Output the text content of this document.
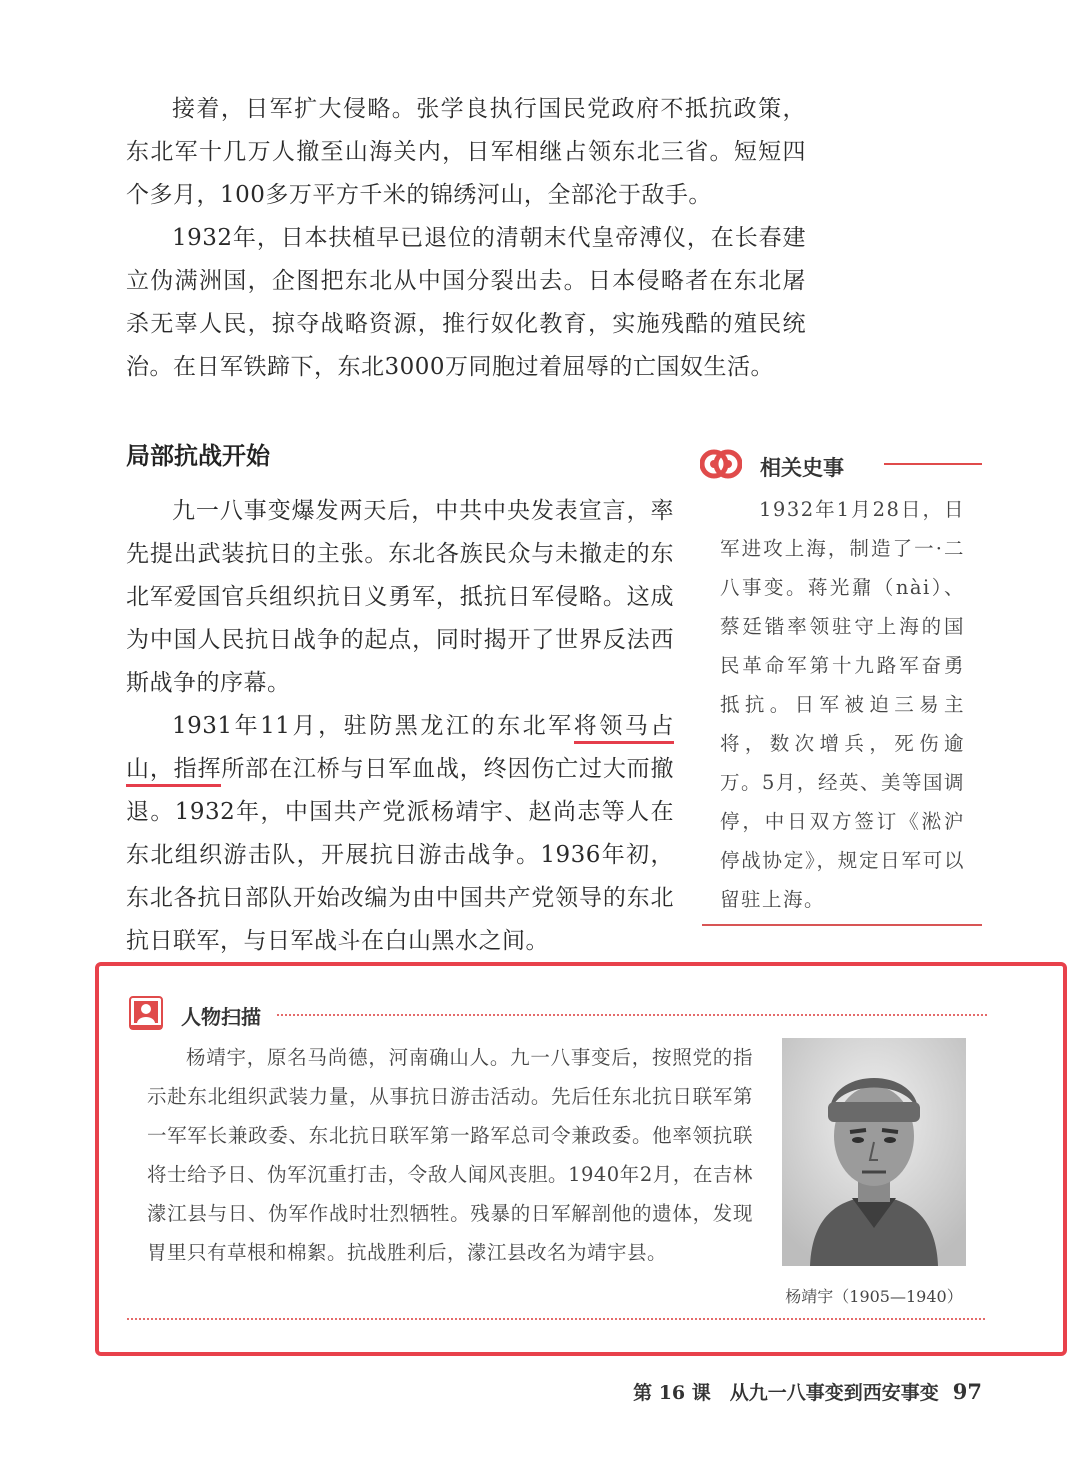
接着，日军扩大侵略。张学良执行国民党政府不抵抗政策，东北军十几万人撤至山海关内，日军相继占领东北三省。短短四个多月，100多万平方千米的锦绣河山，全部沦于敌手。

1932年，日本扶植早已退位的清朝末代皇帝溥仪，在长春建立伪满洲国，企图把东北从中国分裂出去。日本侵略者在东北屠杀无辜人民，掠夺战略资源，推行奴化教育，实施残酷的殖民统治。在日军铁蹄下，东北3000万同胞过着屈辱的亡国奴生活。

局部抗战开始

九一八事变爆发两天后，中共中央发表宣言，率先提出武装抗日的主张。东北各族民众与未撤走的东北军爱国官兵组织抗日义勇军，抵抗日军侵略。这成为中国人民抗日战争的起点，同时揭开了世界反法西斯战争的序幕。

1931年11月，驻防黑龙江的东北军将领马占山，指挥所部在江桥与日军血战，终因伤亡过大而撤退。1932年，中国共产党派杨靖宇、赵尚志等人在东北组织游击队，开展抗日游击战争。1936年初，东北各抗日部队开始改编为由中国共产党领导的东北抗日联军，与日军战斗在白山黑水之间。

相关史事

1932年1月28日，日军进攻上海，制造了一·二八事变。蒋光鼐（nài）、蔡廷锴率领驻守上海的国民革命军第十九路军奋勇抵抗。日军被迫三易主将，数次增兵，死伤逾万。5月，经英、美等国调停，中日双方签订《淞沪停战协定》，规定日军可以留驻上海。

人物扫描

杨靖宇，原名马尚德，河南确山人。九一八事变后，按照党的指示赴东北组织武装力量，从事抗日游击活动。先后任东北抗日联军第一军军长兼政委、东北抗日联军第一路军总司令兼政委。他率领抗联将士给予日、伪军沉重打击，令敌人闻风丧胆。1940年2月，在吉林濛江县与日、伪军作战时壮烈牺牲。残暴的日军解剖他的遗体，发现胃里只有草根和棉絮。抗战胜利后，濛江县改名为靖宇县。

杨靖宇（1905—1940）
第 16 课　从九一八事变到西安事变 97
